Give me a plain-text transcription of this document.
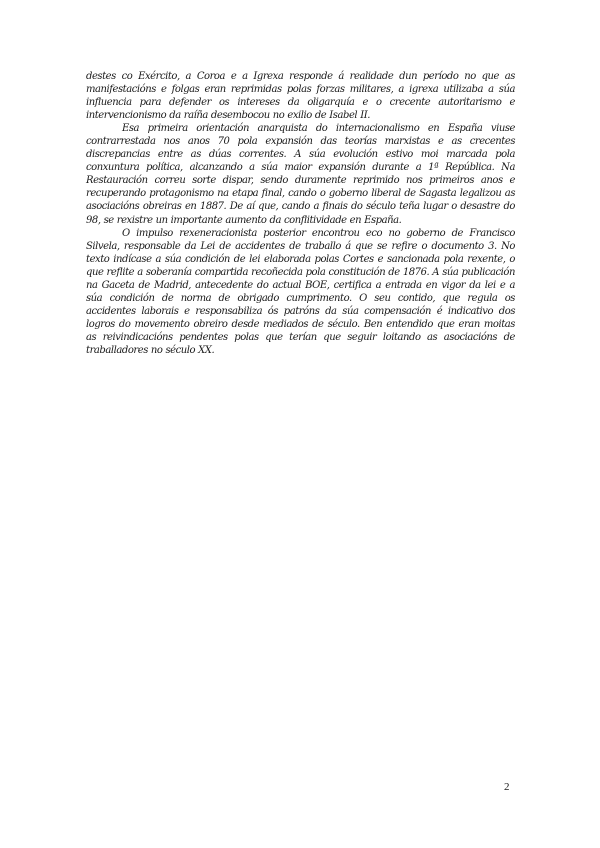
destes co Exército, a Coroa e a Igrexa responde á realidade dun período no que as manifestacións e folgas eran reprimidas polas forzas militares, a igrexa utilizaba a súa influencia para defender os intereses da oligarquía e o crecente autoritarismo e intervencionismo da raíña desembocou no exilio de Isabel II.

Esa primeira orientación anarquista do internacionalismo en España viuse contrarrestada nos anos 70 pola expansión das teorías marxistas e as crecentes discrepancias entre as dúas correntes. A súa evolución estivo moi marcada pola conxuntura política, alcanzando a súa maior expansión durante a 1ª República. Na Restauración correu sorte dispar, sendo duramente reprimido nos primeiros anos e recuperando protagonismo na etapa final, cando o goberno liberal de Sagasta legalizou as asociacións obreiras en 1887. De aí que, cando a finais do século teña lugar o desastre do 98, se rexistre un importante aumento da conflitividade en España.

O impulso rexeneracionista posterior encontrou eco no goberno de Francisco Silvela, responsable da Lei de accidentes de traballo á que se refire o documento 3. No texto indícase a súa condición de lei elaborada polas Cortes e sancionada pola rexente, o que reflite a soberanía compartida recoñecida pola constitución de 1876. A súa publicación na Gaceta de Madrid, antecedente do actual BOE, certifica a entrada en vigor da lei e a súa condición de norma de obrigado cumprimento. O seu contido, que regula os accidentes laborais e responsabiliza ós patróns da súa compensación é indicativo dos logros do movemento obreiro desde mediados de século. Ben entendido que eran moitas as reivindicacións pendentes polas que terían que seguir loitando as asociacións de traballadores no século XX.

2
